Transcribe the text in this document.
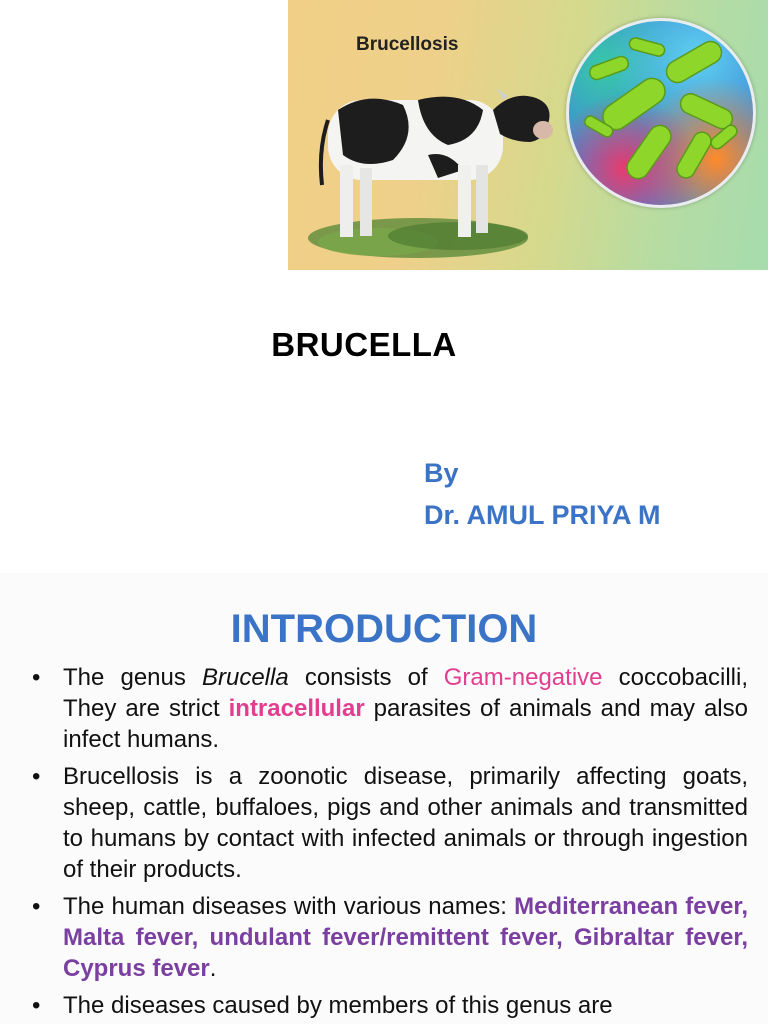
Brucellosis
BRUCELLA
By
Dr. AMUL PRIYA M
INTRODUCTION
• The genus Brucella consists of Gram-negative coccobacilli, They are strict intracellular parasites of animals and may also infect humans.
• Brucellosis is a zoonotic disease, primarily affecting goats, sheep, cattle, buffaloes, pigs and other animals and transmitted to humans by contact with infected animals or through ingestion of their products.
• The human diseases with various names: Mediterranean fever, Malta fever, undulant fever/remittent fever, Gibraltar fever, Cyprus fever.
• The diseases caused by members of this genus are
